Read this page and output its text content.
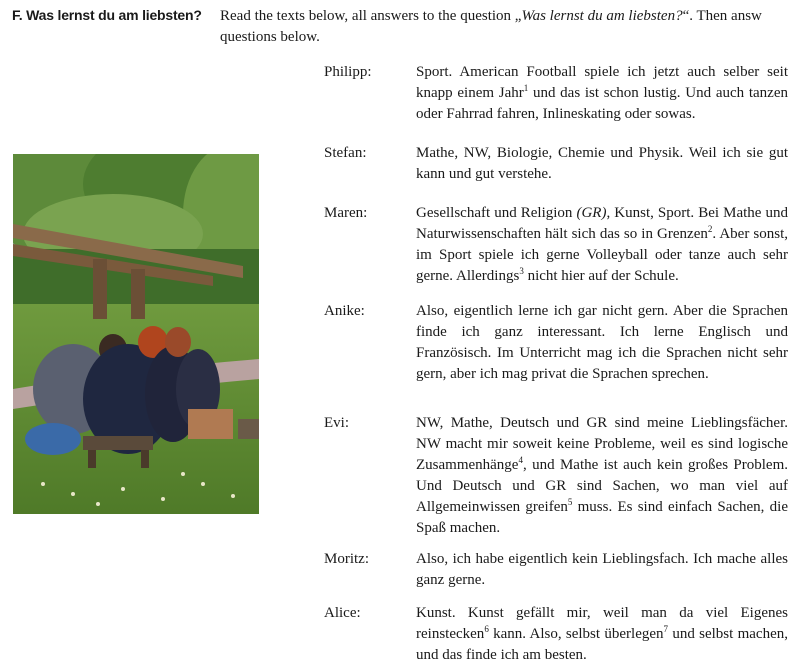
F. Was lernst du am liebsten?	Read the texts below, all answers to the question „Was lernst du am liebsten?“. Then answ
questions below.
Philipp:	Sport. American Football spiele ich jetzt auch selber seit knapp einem Jahr$^1$ und das ist schon lustig. Und auch tanzen oder Fahrrad fahren, Inlineskating oder sowas.
Stefan:	Mathe, NW, Biologie, Chemie und Physik. Weil ich sie gut kann und gut verstehe.
Maren:	Gesellschaft und Religion (GR), Kunst, Sport. Bei Mathe und Naturwissenschaften hält sich das so in Grenzen$^2$. Aber sonst, im Sport spiele ich gerne Volleyball oder tanze auch sehr gerne. Allerdings$^3$ nicht hier auf der Schule.
Anike:	Also, eigentlich lerne ich gar nicht gern. Aber die Sprachen finde ich ganz interessant. Ich lerne Englisch und Französisch. Im Unterricht mag ich die Sprachen nicht sehr gern, aber ich mag privat die Sprachen sprechen.
Evi:	NW, Mathe, Deutsch und GR sind meine Lieblingsfächer. NW macht mir soweit keine Probleme, weil es sind logische Zusammenhänge$^4$, und Mathe ist auch kein großes Problem. Und Deutsch und GR sind Sachen, wo man viel auf Allgemeinwissen greifen$^5$ muss. Es sind einfach Sachen, die Spaß machen.
Moritz:	Also, ich habe eigentlich kein Lieblingsfach. Ich mache alles ganz gerne.
Alice:	Kunst. Kunst gefällt mir, weil man da viel Eigenes reinstecken$^6$ kann. Also, selbst überlegen$^7$ und selbst machen, und das finde ich am besten.
